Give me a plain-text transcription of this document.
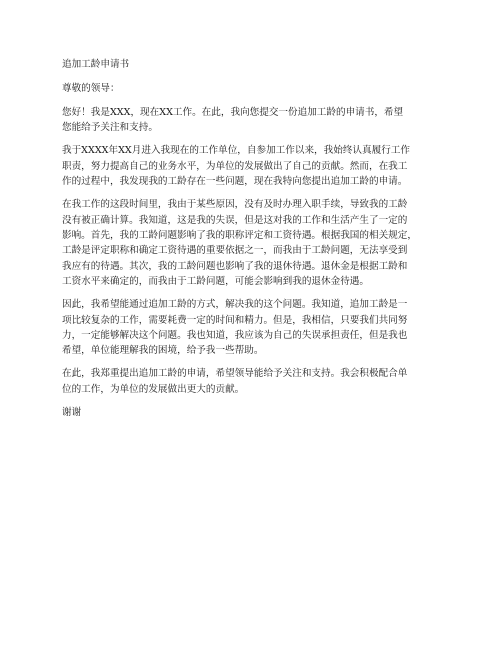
追加工龄申请书

尊敬的领导：

您好！我是XXX，现在XX工作。在此，我向您提交一份追加工龄的申请书，希望
您能给予关注和支持。

我于XXXX年XX月进入我现在的工作单位，自参加工作以来，我始终认真履行工作
职责，努力提高自己的业务水平，为单位的发展做出了自己的贡献。然而，在我工
作的过程中，我发现我的工龄存在一些问题，现在我特向您提出追加工龄的申请。

在我工作的这段时间里，我由于某些原因，没有及时办理入职手续，导致我的工龄
没有被正确计算。我知道，这是我的失误，但是这对我的工作和生活产生了一定的
影响。首先，我的工龄问题影响了我的职称评定和工资待遇。根据我国的相关规定，
工龄是评定职称和确定工资待遇的重要依据之一，而我由于工龄问题，无法享受到
我应有的待遇。其次，我的工龄问题也影响了我的退休待遇。退休金是根据工龄和
工资水平来确定的，而我由于工龄问题，可能会影响到我的退休金待遇。

因此，我希望能通过追加工龄的方式，解决我的这个问题。我知道，追加工龄是一
项比较复杂的工作，需要耗费一定的时间和精力。但是，我相信，只要我们共同努
力，一定能够解决这个问题。我也知道，我应该为自己的失误承担责任，但是我也
希望，单位能理解我的困境，给予我一些帮助。

在此，我郑重提出追加工龄的申请，希望领导能给予关注和支持。我会积极配合单
位的工作，为单位的发展做出更大的贡献。

谢谢
